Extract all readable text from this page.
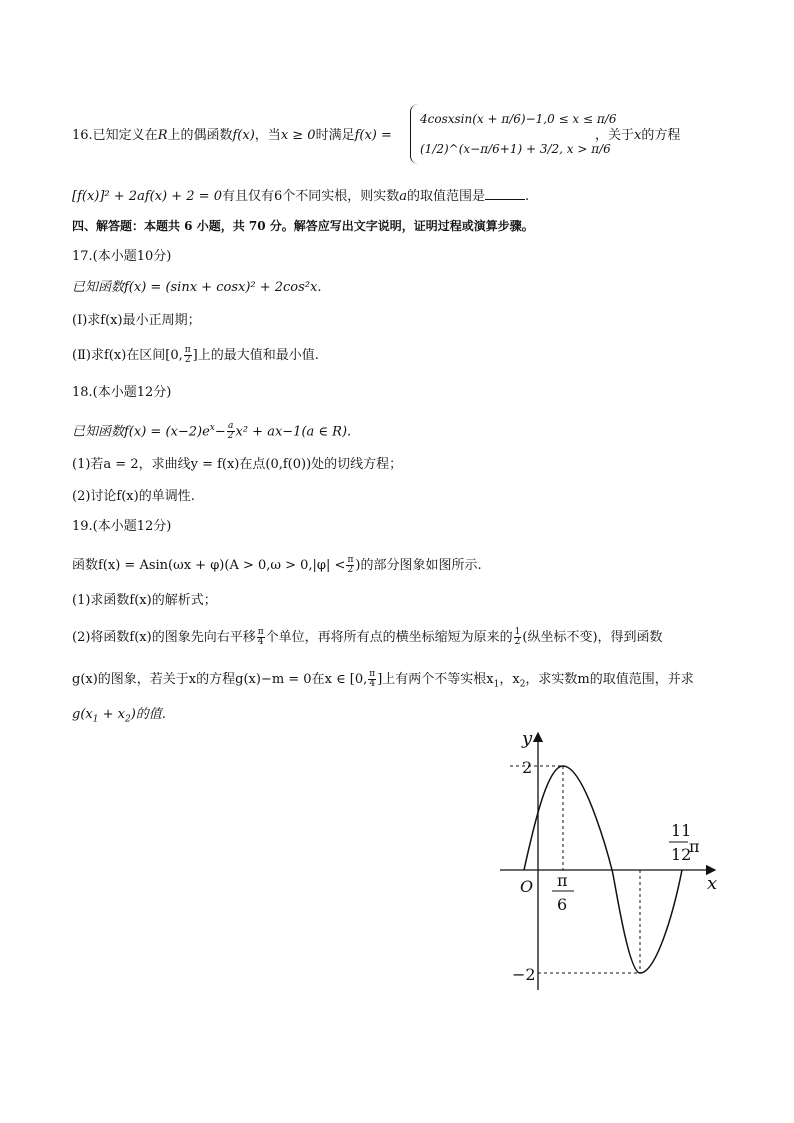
16.已知定义在R上的偶函数f(x)，当x ≥ 0时满足f(x) =
4cosxsin(x + π/6)−1,0 ≤ x ≤ π/6
(1/2)^(x−π/6+1) + 3/2, x > π/6
，关于x的方程
[f(x)]² + 2af(x) + 2 = 0有且仅有6个不同实根，则实数a的取值范围是	.
四、解答题：本题共 6 小题，共 70 分。解答应写出文字说明，证明过程或演算步骤。
17.(本小题10分)
已知函数f(x) = (sinx + cosx)² + 2cos²x.
(Ⅰ)求f(x)最小正周期；
(Ⅱ)求f(x)在区间[0, $\frac{\pi}{2}$ ]上的最大值和最小值.
18.(本小题12分)
已知函数$f(x) = (x-2)e^x- \frac{a}{2} x^2 + ax-1(a$ ∈ R).
(1)若a = 2，求曲线y = f(x)在点(0,f(0))处的切线方程；
(2)讨论f(x)的单调性.
19.(本小题12分)
函数$f(x) = Asin(\omega x + \varphi)(A > 0,\omega > 0,|\varphi| < \frac{\pi}{2}$ )的部分图象如图所示.
(1)求函数f(x)的解析式；
(2)将函数f(x)的图象先向右平移 $\frac{\pi}{4}$ 个单位，再将所有点的横坐标缩短为原来的 $\frac{1}{2}$ (纵坐标不变)，得到函数
g(x)的图象，若关于x的方程g(x)−m = 0在x ∈ [0, $\frac{\pi}{4}$ ]上有两个不等实根$x_1$，$x_2$，求实数m的取值范围，并求
$g(x_1 + x_2)$的值.
y
x
O
2
−2
π
6
11
12
π
